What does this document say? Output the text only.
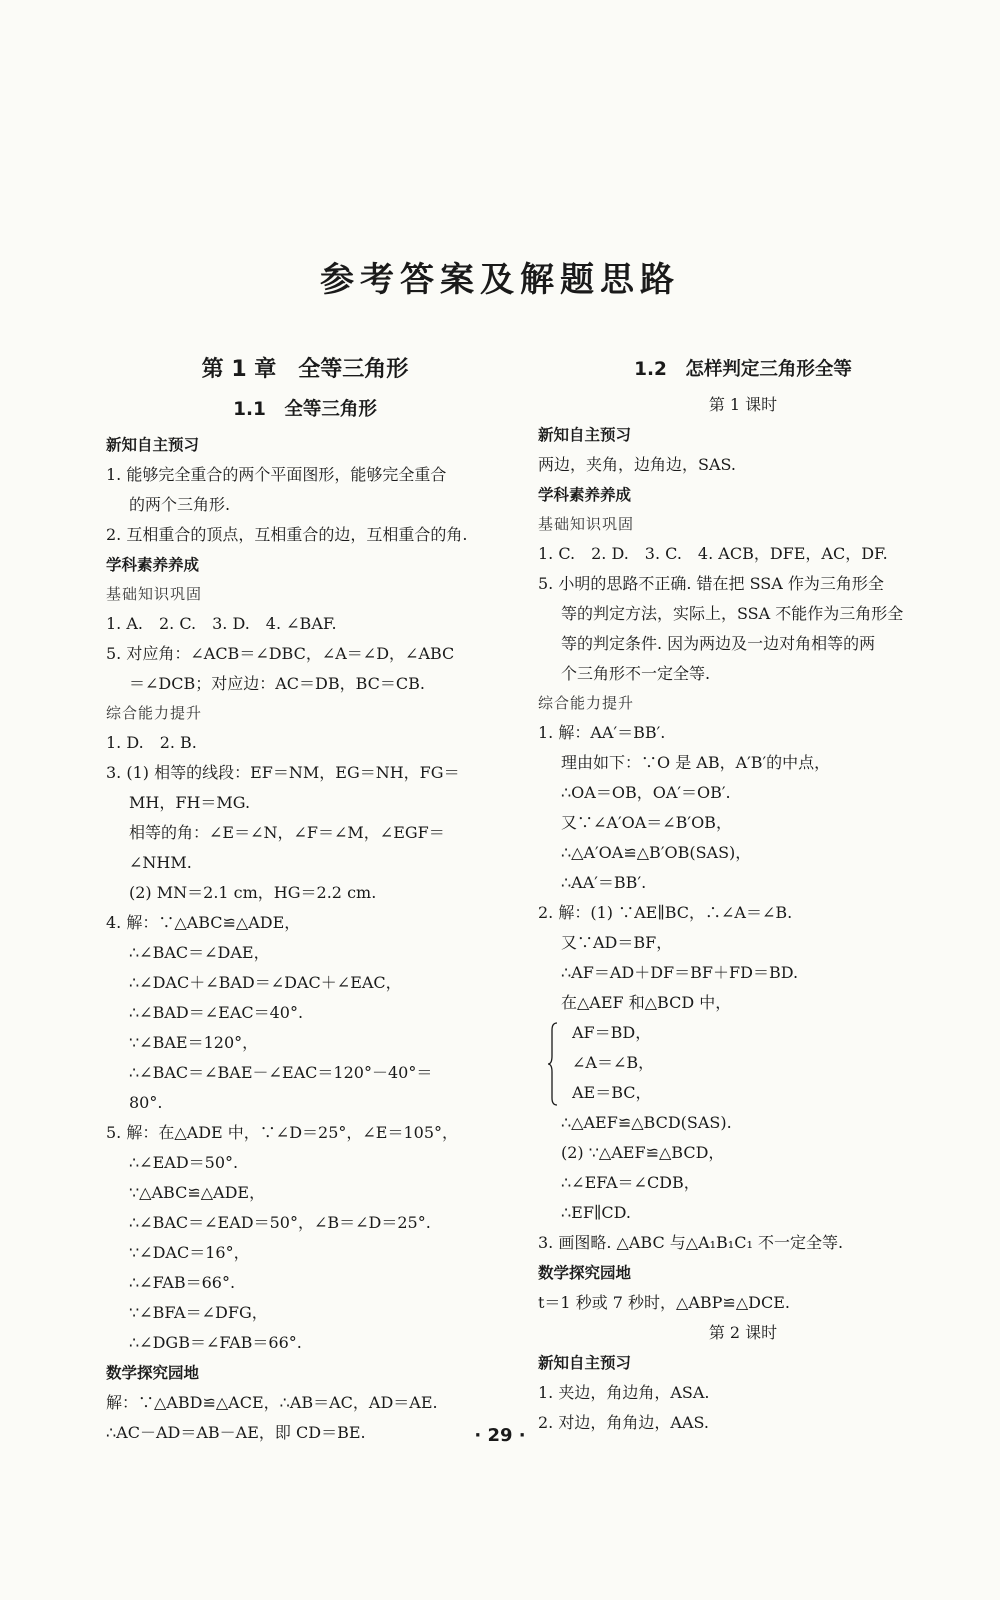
参考答案及解题思路
第 1 章　全等三角形
1.1　全等三角形
新知自主预习
1. 能够完全重合的两个平面图形，能够完全重合
的两个三角形.
2. 互相重合的顶点，互相重合的边，互相重合的角.
学科素养养成
基础知识巩固
1. A.　2. C.　3. D.　4. ∠BAF.
5. 对应角：∠ACB＝∠DBC，∠A＝∠D，∠ABC
＝∠DCB；对应边：AC＝DB，BC＝CB.
综合能力提升
1. D.　2. B.
3. (1) 相等的线段：EF＝NM，EG＝NH，FG＝
MH，FH＝MG.
相等的角：∠E＝∠N，∠F＝∠M，∠EGF＝
∠NHM.
(2) MN＝2.1 cm，HG＝2.2 cm.
4. 解：∵△ABC≌△ADE，
∴∠BAC＝∠DAE，
∴∠DAC＋∠BAD＝∠DAC＋∠EAC，
∴∠BAD＝∠EAC＝40°.
∵∠BAE＝120°，
∴∠BAC＝∠BAE－∠EAC＝120°－40°＝
80°.
5. 解：在△ADE 中，∵∠D＝25°，∠E＝105°，
∴∠EAD＝50°.
∵△ABC≌△ADE，
∴∠BAC＝∠EAD＝50°，∠B＝∠D＝25°.
∵∠DAC＝16°，
∴∠FAB＝66°.
∵∠BFA＝∠DFG，
∴∠DGB＝∠FAB＝66°.
数学探究园地
解：∵△ABD≌△ACE，∴AB＝AC，AD＝AE.
∴AC－AD＝AB－AE，即 CD＝BE.
1.2　怎样判定三角形全等
第 1 课时
新知自主预习
两边，夹角，边角边，SAS.
学科素养养成
基础知识巩固
1. C.　2. D.　3. C.　4. ACB，DFE，AC，DF.
5. 小明的思路不正确. 错在把 SSA 作为三角形全
等的判定方法，实际上，SSA 不能作为三角形全
等的判定条件. 因为两边及一边对角相等的两
个三角形不一定全等.
综合能力提升
1. 解：AA′＝BB′.
理由如下：∵O 是 AB，A′B′的中点，
∴OA＝OB，OA′＝OB′.
又∵∠A′OA＝∠B′OB，
∴△A′OA≌△B′OB(SAS)，
∴AA′＝BB′.
2. 解：(1) ∵AE∥BC，∴∠A＝∠B.
又∵AD＝BF，
∴AF＝AD＋DF＝BF＋FD＝BD.
在△AEF 和△BCD 中，
AF＝BD，
∠A＝∠B，
AE＝BC，
∴△AEF≌△BCD(SAS).
(2) ∵△AEF≌△BCD，
∴∠EFA＝∠CDB，
∴EF∥CD.
3. 画图略. △ABC 与△A₁B₁C₁ 不一定全等.
数学探究园地
t＝1 秒或 7 秒时，△ABP≌△DCE.
第 2 课时
新知自主预习
1. 夹边，角边角，ASA.
2. 对边，角角边，AAS.
· 29 ·
